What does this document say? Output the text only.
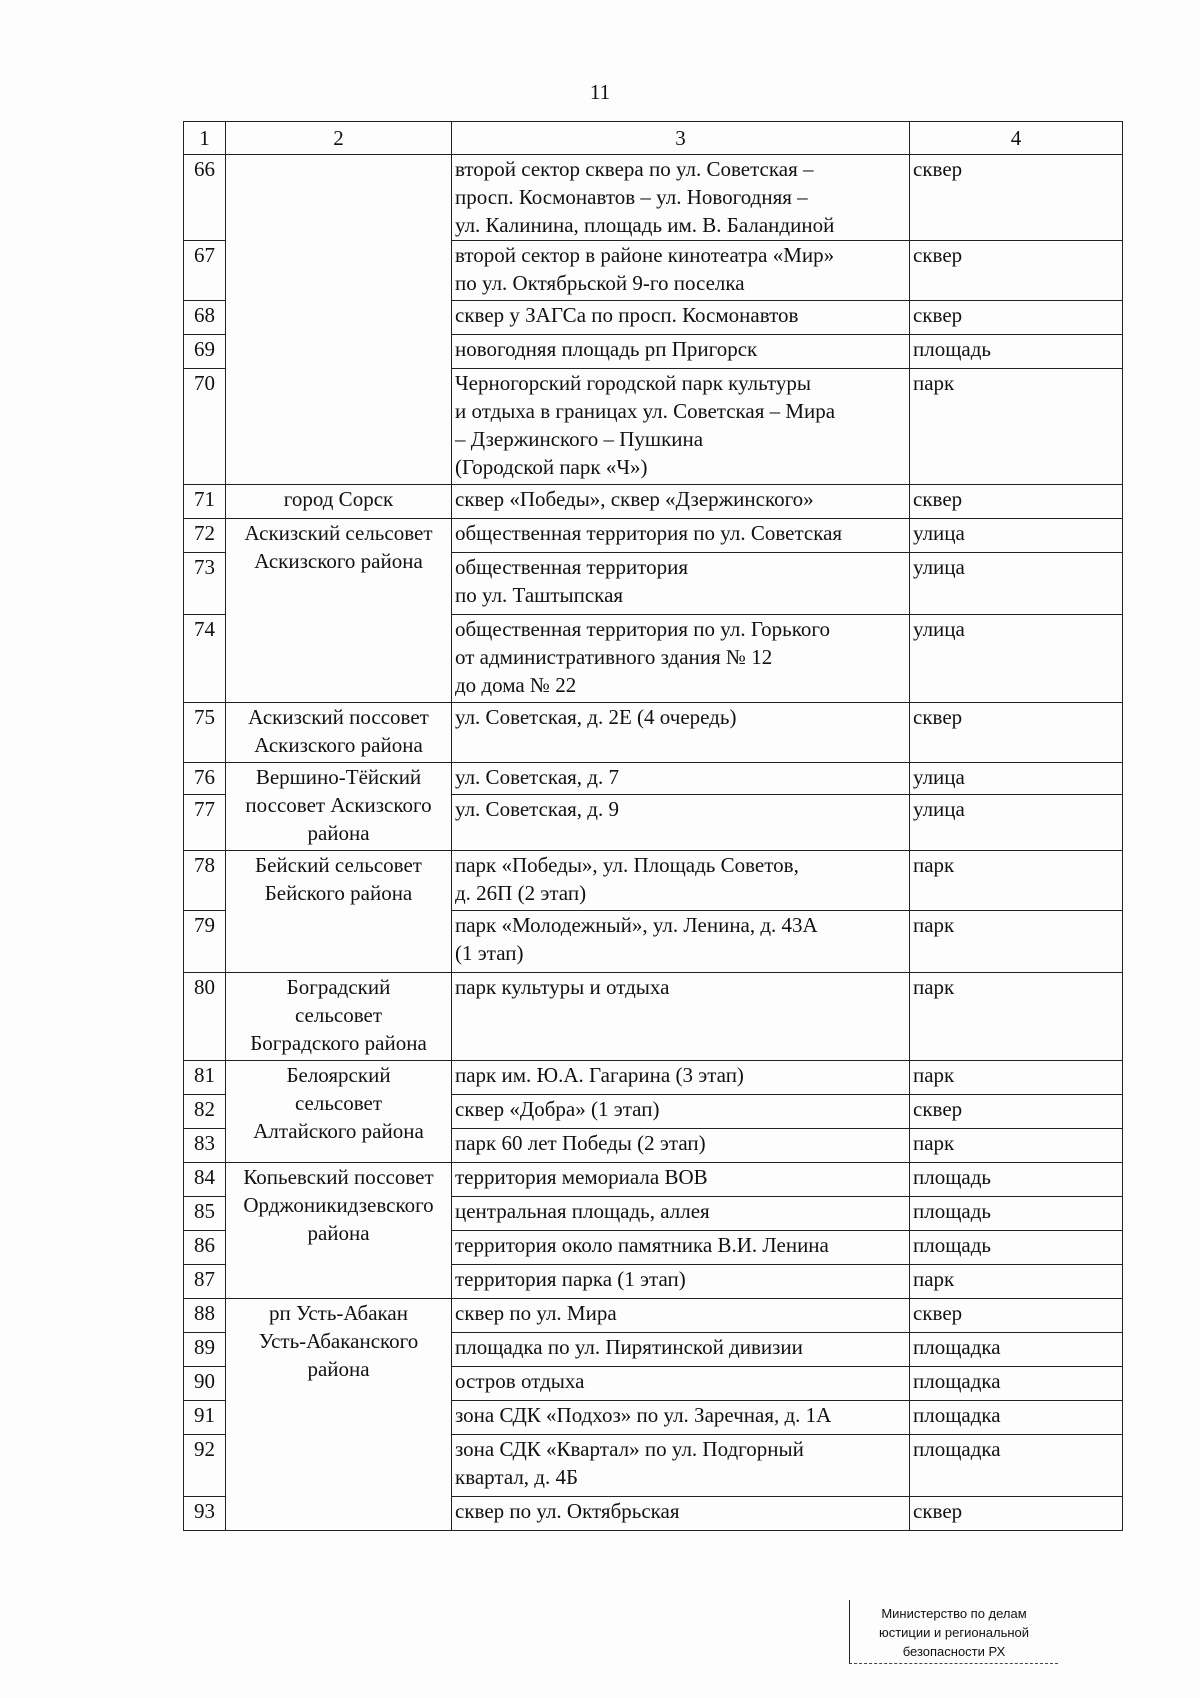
11
1	2	3	4
66		второй сектор сквера по ул. Советская –
просп. Космонавтов – ул. Новогодняя –
ул. Калинина, площадь им. В. Баландиной	сквер
67		второй сектор в районе кинотеатра «Мир»
по ул. Октябрьской 9-го поселка	сквер
68		сквер у ЗАГСа по просп. Космонавтов	сквер
69		новогодняя площадь рп Пригорск	площадь
70		Черногорский городской парк культуры
и отдыха в границах ул. Советская – Мира
– Дзержинского – Пушкина
(Городской парк «Ч»)	парк
71	город Сорск	сквер «Победы», сквер «Дзержинского»	сквер
72	Аскизский сельсовет
Аскизского района	общественная территория по ул. Советская	улица
73		общественная территория
по ул. Таштыпская	улица
74		общественная территория по ул. Горького
от административного здания № 12
до дома № 22	улица
75	Аскизский поссовет
Аскизского района	ул. Советская, д. 2Е (4 очередь)	сквер
76	Вершино-Тёйский
поссовет Аскизского
района	ул. Советская, д. 7	улица
77		ул. Советская, д. 9	улица
78	Бейский сельсовет
Бейского района	парк «Победы», ул. Площадь Советов,
д. 26П (2 этап)	парк
79		парк «Молодежный», ул. Ленина, д. 43А
(1 этап)	парк
80	Боградский
сельсовет
Боградского района	парк культуры и отдыха	парк
81	Белоярский
сельсовет
Алтайского района	парк им. Ю.А. Гагарина (3 этап)	парк
82		сквер «Добра» (1 этап)	сквер
83		парк 60 лет Победы (2 этап)	парк
84	Копьевский поссовет
Орджоникидзевского
района	территория мемориала ВОВ	площадь
85		центральная площадь, аллея	площадь
86		территория около памятника В.И. Ленина	площадь
87		территория парка (1 этап)	парк
88	рп Усть-Абакан
Усть-Абаканского
района	сквер по ул. Мира	сквер
89		площадка по ул. Пирятинской дивизии	площадка
90		остров отдыха	площадка
91		зона СДК «Подхоз» по ул. Заречная, д. 1А	площадка
92		зона СДК «Квартал» по ул. Подгорный
квартал, д. 4Б	площадка
93		сквер по ул. Октябрьская	сквер
Министерство по делам
юстиции и региональной
безопасности РХ
